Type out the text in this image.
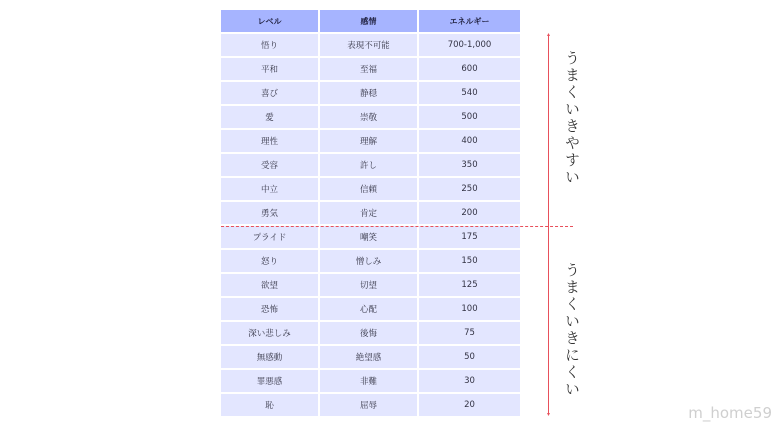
レベル	感情	エネルギー
悟り	表現不可能	700-1,000
平和	至福	600
喜び	静穏	540
愛	崇敬	500
理性	理解	400
受容	許し	350
中立	信頼	250
勇気	肯定	200
プライド	嘲笑	175
怒り	憎しみ	150
欲望	切望	125
恐怖	心配	100
深い悲しみ	後悔	75
無感動	絶望感	50
罪悪感	非難	30
恥	屈辱	20
うまくいきやすい
うまくいきにくい
m_home59
